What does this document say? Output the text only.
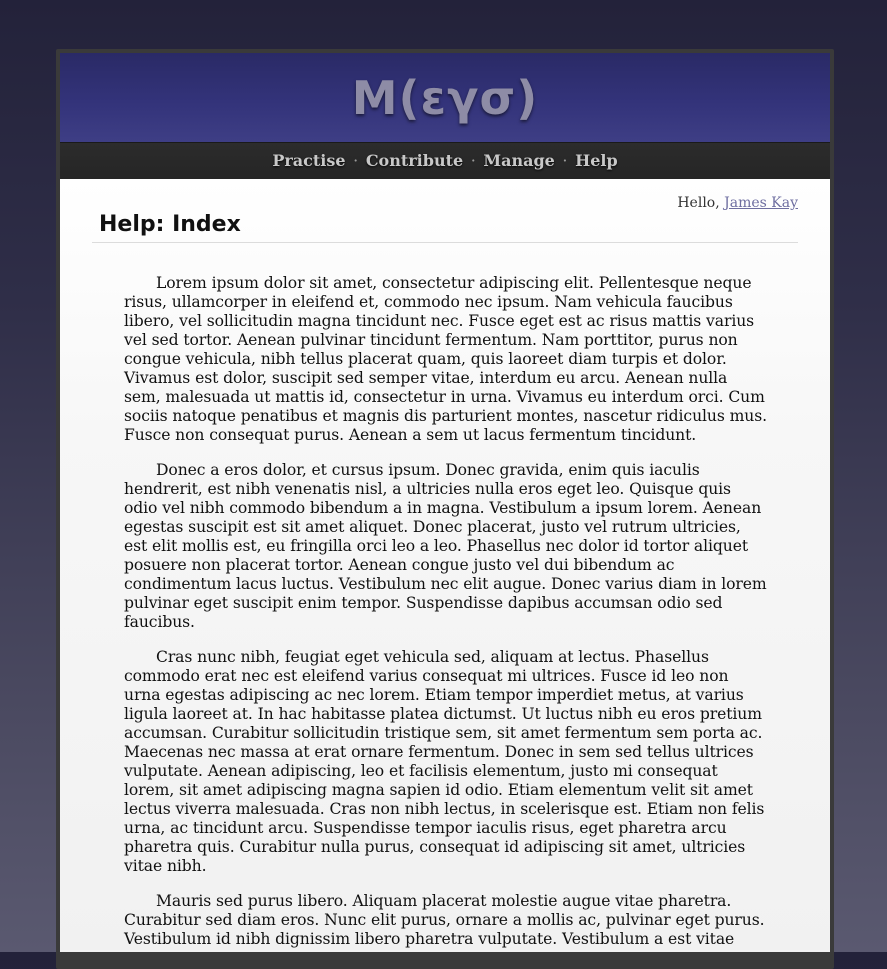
Μ(εγσ)
Practise · Contribute · Manage · Help
Hello, James Kay
Help: Index

Lorem ipsum dolor sit amet, consectetur adipiscing elit. Pellentesque neque risus, ullamcorper in eleifend et, commodo nec ipsum. Nam vehicula faucibus libero, vel sollicitudin magna tincidunt nec. Fusce eget est ac risus mattis varius vel sed tortor. Aenean pulvinar tincidunt fermentum. Nam porttitor, purus non congue vehicula, nibh tellus placerat quam, quis laoreet diam turpis et dolor. Vivamus est dolor, suscipit sed semper vitae, interdum eu arcu. Aenean nulla sem, malesuada ut mattis id, consectetur in urna. Vivamus eu interdum orci. Cum sociis natoque penatibus et magnis dis parturient montes, nascetur ridiculus mus. Fusce non consequat purus. Aenean a sem ut lacus fermentum tincidunt.

Donec a eros dolor, et cursus ipsum. Donec gravida, enim quis iaculis hendrerit, est nibh venenatis nisl, a ultricies nulla eros eget leo. Quisque quis odio vel nibh commodo bibendum a in magna. Vestibulum a ipsum lorem. Aenean egestas suscipit est sit amet aliquet. Donec placerat, justo vel rutrum ultricies, est elit mollis est, eu fringilla orci leo a leo. Phasellus nec dolor id tortor aliquet posuere non placerat tortor. Aenean congue justo vel dui bibendum ac condimentum lacus luctus. Vestibulum nec elit augue. Donec varius diam in lorem pulvinar eget suscipit enim tempor. Suspendisse dapibus accumsan odio sed faucibus.

Cras nunc nibh, feugiat eget vehicula sed, aliquam at lectus. Phasellus commodo erat nec est eleifend varius consequat mi ultrices. Fusce id leo non urna egestas adipiscing ac nec lorem. Etiam tempor imperdiet metus, at varius ligula laoreet at. In hac habitasse platea dictumst. Ut luctus nibh eu eros pretium accumsan. Curabitur sollicitudin tristique sem, sit amet fermentum sem porta ac. Maecenas nec massa at erat ornare fermentum. Donec in sem sed tellus ultrices vulputate. Aenean adipiscing, leo et facilisis elementum, justo mi consequat lorem, sit amet adipiscing magna sapien id odio. Etiam elementum velit sit amet lectus viverra malesuada. Cras non nibh lectus, in scelerisque est. Etiam non felis urna, ac tincidunt arcu. Suspendisse tempor iaculis risus, eget pharetra arcu pharetra quis. Curabitur nulla purus, consequat id adipiscing sit amet, ultricies vitae nibh.

Mauris sed purus libero. Aliquam placerat molestie augue vitae pharetra. Curabitur sed diam eros. Nunc elit purus, ornare a mollis ac, pulvinar eget purus. Vestibulum id nibh dignissim libero pharetra vulputate. Vestibulum a est vitae
